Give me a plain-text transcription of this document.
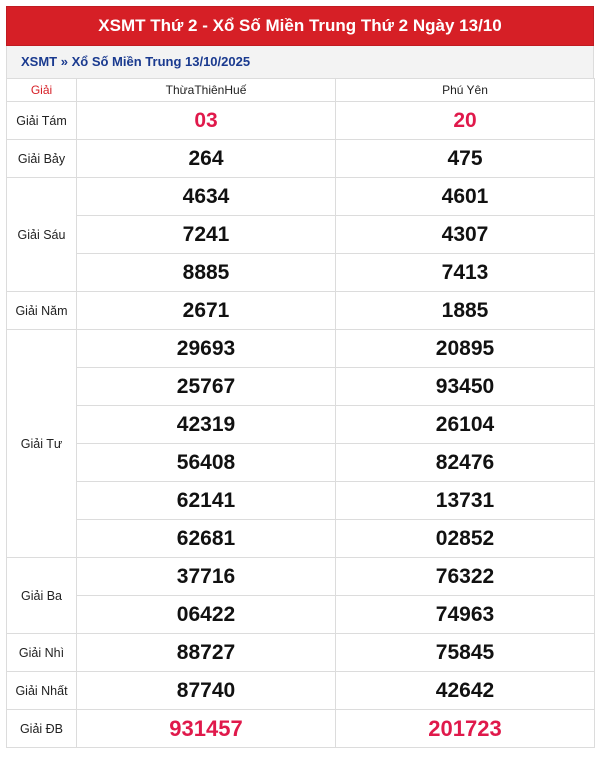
XSMT Thứ 2 - Xổ Số Miền Trung Thứ 2 Ngày 13/10
XSMT » Xổ Số Miền Trung 13/10/2025
Giải	ThừaThiênHuế	Phú Yên
Giải Tám	03	20
Giải Bảy	264	475
Giải Sáu	4634	4601
	7241	4307
	8885	7413
Giải Năm	2671	1885
Giải Tư	29693	20895
	25767	93450
	42319	26104
	56408	82476
	62141	13731
	62681	02852
Giải Ba	37716	76322
	06422	74963
Giải Nhì	88727	75845
Giải Nhất	87740	42642
Giải ĐB	931457	201723
